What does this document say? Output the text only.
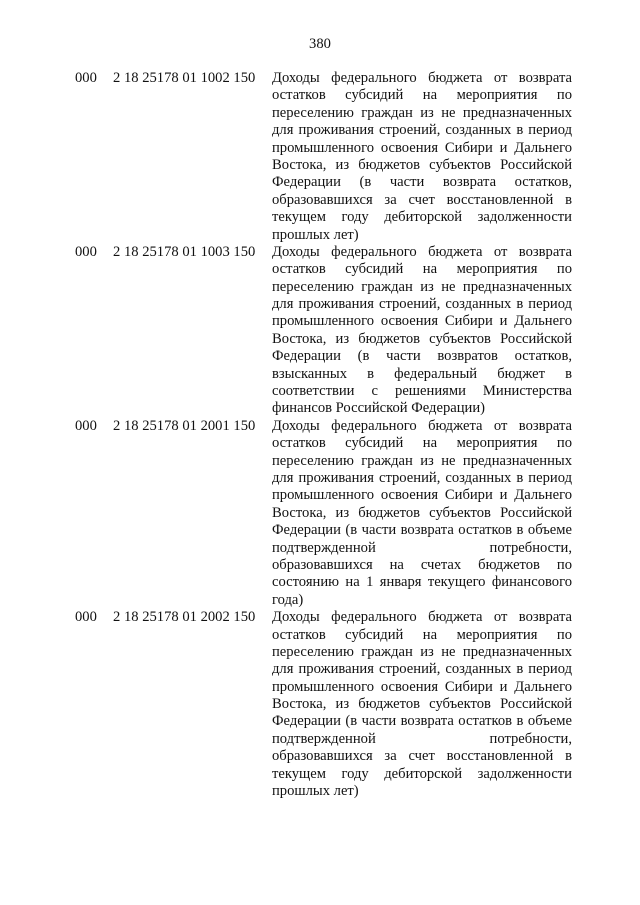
380
000	2 18 25178 01 1002 150	Доходы федерального бюджета от возврата
остатков субсидий на мероприятия по
переселению граждан из не предназначенных
для проживания строений, созданных в период
промышленного освоения Сибири и Дальнего
Востока, из бюджетов субъектов Российской
Федерации (в части возврата остатков,
образовавшихся за счет восстановленной в
текущем году дебиторской задолженности
прошлых лет)
000	2 18 25178 01 1003 150	Доходы федерального бюджета от возврата
остатков субсидий на мероприятия по
переселению граждан из не предназначенных
для проживания строений, созданных в период
промышленного освоения Сибири и Дальнего
Востока, из бюджетов субъектов Российской
Федерации (в части возвратов остатков,
взысканных в федеральный бюджет в
соответствии с решениями Министерства
финансов Российской Федерации)
000	2 18 25178 01 2001 150	Доходы федерального бюджета от возврата
остатков субсидий на мероприятия по
переселению граждан из не предназначенных
для проживания строений, созданных в период
промышленного освоения Сибири и Дальнего
Востока, из бюджетов субъектов Российской
Федерации (в части возврата остатков в объеме
подтвержденной потребности,
образовавшихся на счетах бюджетов по
состоянию на 1 января текущего финансового
года)
000	2 18 25178 01 2002 150	Доходы федерального бюджета от возврата
остатков субсидий на мероприятия по
переселению граждан из не предназначенных
для проживания строений, созданных в период
промышленного освоения Сибири и Дальнего
Востока, из бюджетов субъектов Российской
Федерации (в части возврата остатков в объеме
подтвержденной потребности,
образовавшихся за счет восстановленной в
текущем году дебиторской задолженности
прошлых лет)
